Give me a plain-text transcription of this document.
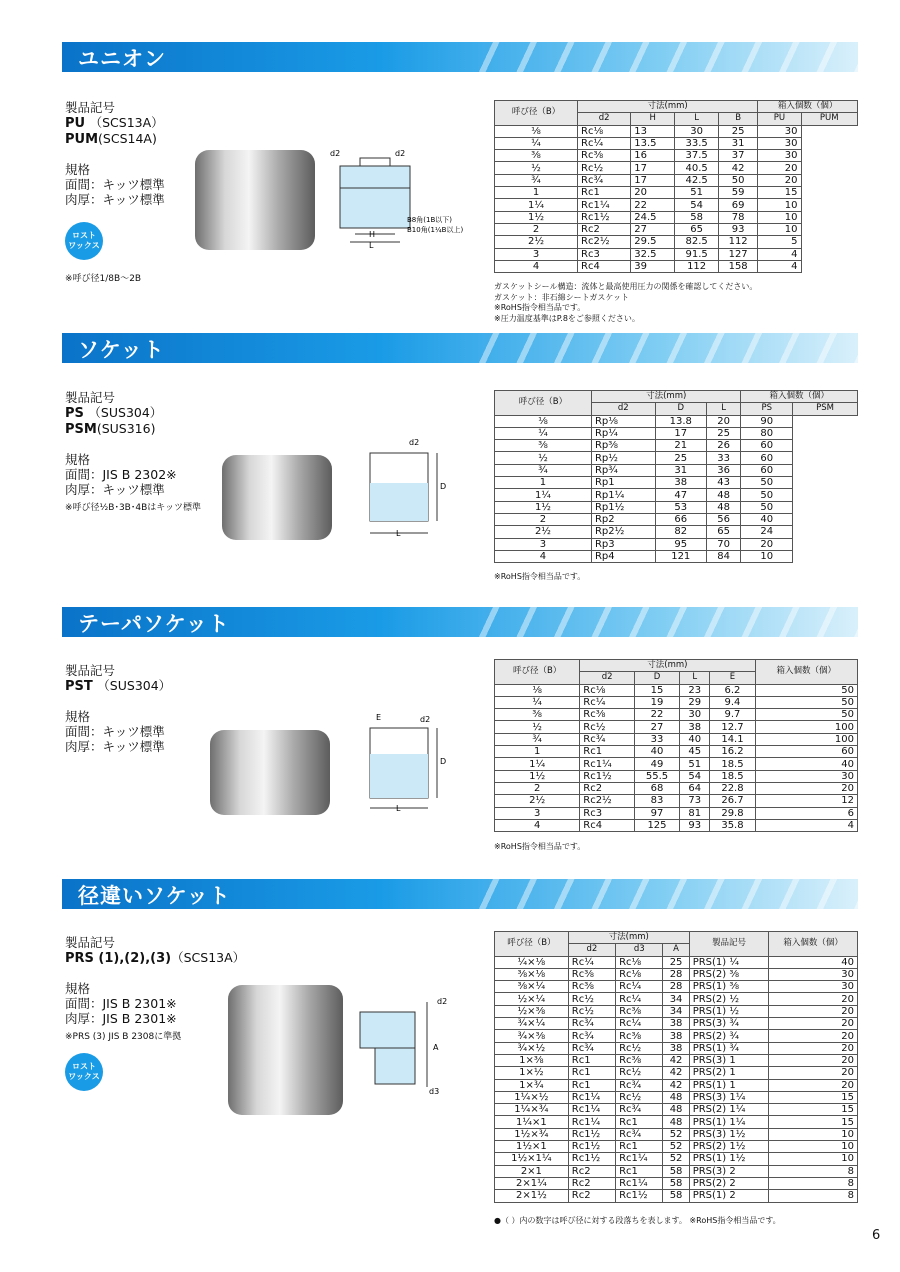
ユニオン
製品記号
PU （SCS13A）
PUM(SCS14A)
規格
面間：キッツ標準
肉厚：キッツ標準
ロスト
ワックス
※呼び径1/8B〜2B
d2	d2
H
L
B8角(1B以下)
B10角(1¼B以上)
呼び径（B）	寸法(mm)				箱入個数（個）	
	d2	H	L	B	PU	PUM
⅛	Rc⅛	13	30	25	30	
¼	Rc¼	13.5	33.5	31	30	
⅜	Rc⅜	16	37.5	37	30	
½	Rc½	17	40.5	42	20	
¾	Rc¾	17	42.5	50	20	
1	Rc1	20	51	59	15	
1¼	Rc1¼	22	54	69	10	
1½	Rc1½	24.5	58	78	10	
2	Rc2	27	65	93	10	
2½	Rc2½	29.5	82.5	112	5	
3	Rc3	32.5	91.5	127	4	
4	Rc4	39	112	158	4	
ガスケットシール構造：流体と最高使用圧力の関係を確認してください。
ガスケット：非石綿シートガスケット
※RoHS指令相当品です。
※圧力温度基準はP.8をご参照ください。
ソケット
製品記号
PS （SUS304）
PSM(SUS316)
規格
面間：JIS B 2302※
肉厚：キッツ標準
※呼び径½B･3B･4Bはキッツ標準
d2
D
L
呼び径（B）	寸法(mm)			箱入個数（個）	
	d2	D	L	PS	PSM
⅛	Rp⅛	13.8	20	90	
¼	Rp¼	17	25	80	
⅜	Rp⅜	21	26	60	
½	Rp½	25	33	60	
¾	Rp¾	31	36	60	
1	Rp1	38	43	50	
1¼	Rp1¼	47	48	50	
1½	Rp1½	53	48	50	
2	Rp2	66	56	40	
2½	Rp2½	82	65	24	
3	Rp3	95	70	20	
4	Rp4	121	84	10	
※RoHS指令相当品です。
テーパソケット
製品記号
PST （SUS304）
規格
面間：キッツ標準
肉厚：キッツ標準
E	d2
D
L
呼び径（B）	寸法(mm)				箱入個数（個）
	d2	D	L	E	
⅛	Rc⅛	15	23	6.2	50
¼	Rc¼	19	29	9.4	50
⅜	Rc⅜	22	30	9.7	50
½	Rc½	27	38	12.7	100
¾	Rc¾	33	40	14.1	100
1	Rc1	40	45	16.2	60
1¼	Rc1¼	49	51	18.5	40
1½	Rc1½	55.5	54	18.5	30
2	Rc2	68	64	22.8	20
2½	Rc2½	83	73	26.7	12
3	Rc3	97	81	29.8	6
4	Rc4	125	93	35.8	4
※RoHS指令相当品です。
径違いソケット
製品記号
PRS (1),(2),(3)（SCS13A）
規格
面間：JIS B 2301※
肉厚：JIS B 2301※
※PRS (3) JIS B 2308に準拠
ロスト
ワックス
d2
A
d3
呼び径（B）	寸法(mm)			製品記号	箱入個数（個）
	d2	d3	A		
¼×⅛	Rc¼	Rc⅛	25	PRS(1) ¼	40
⅜×⅛	Rc⅜	Rc⅛	28	PRS(2) ⅜	30
⅜×¼	Rc⅜	Rc¼	28	PRS(1) ⅜	30
½×¼	Rc½	Rc¼	34	PRS(2) ½	20
½×⅜	Rc½	Rc⅜	34	PRS(1) ½	20
¾×¼	Rc¾	Rc¼	38	PRS(3) ¾	20
¾×⅜	Rc¾	Rc⅜	38	PRS(2) ¾	20
¾×½	Rc¾	Rc½	38	PRS(1) ¾	20
1×⅜	Rc1	Rc⅜	42	PRS(3) 1	20
1×½	Rc1	Rc½	42	PRS(2) 1	20
1×¾	Rc1	Rc¾	42	PRS(1) 1	20
1¼×½	Rc1¼	Rc½	48	PRS(3) 1¼	15
1¼×¾	Rc1¼	Rc¾	48	PRS(2) 1¼	15
1¼×1	Rc1¼	Rc1	48	PRS(1) 1¼	15
1½×¾	Rc1½	Rc¾	52	PRS(3) 1½	10
1½×1	Rc1½	Rc1	52	PRS(2) 1½	10
1½×1¼	Rc1½	Rc1¼	52	PRS(1) 1½	10
2×1	Rc2	Rc1	58	PRS(3) 2	8
2×1¼	Rc2	Rc1¼	58	PRS(2) 2	8
2×1½	Rc2	Rc1½	58	PRS(1) 2	8
●（ ）内の数字は呼び径に対する段落ちを表します。 ※RoHS指令相当品です。
6
